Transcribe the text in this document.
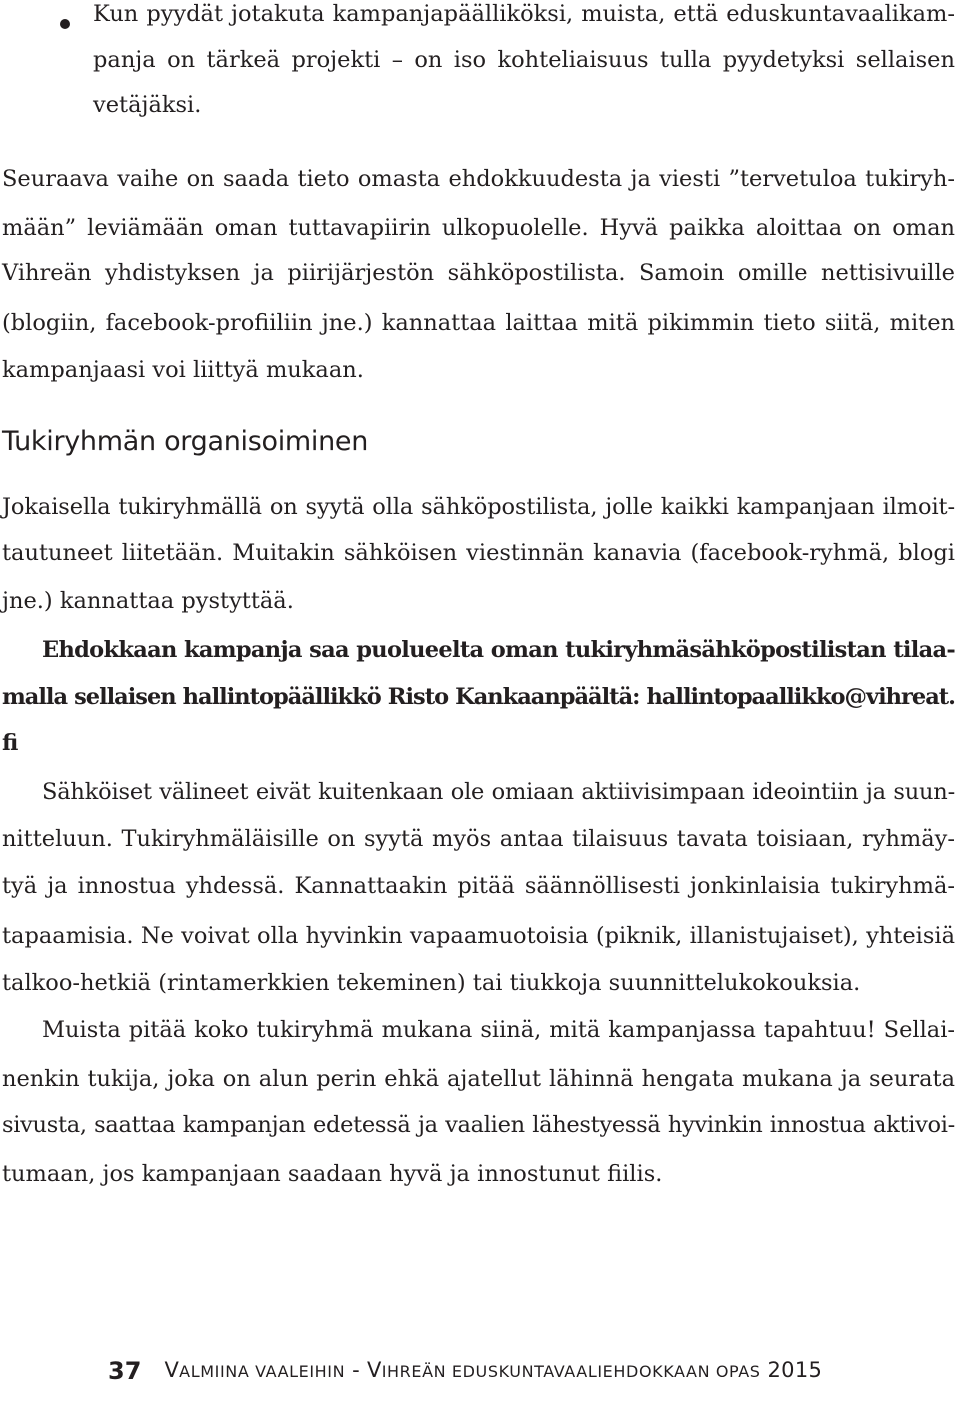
Kun pyydät jotakuta kampanjapäälliköksi, muista, että eduskuntavaalikam-
panja on tärkeä projekti – on iso kohteliaisuus tulla pyydetyksi sellaisen
vetäjäksi.
Seuraava vaihe on saada tieto omasta ehdokkuudesta ja viesti ”tervetuloa tukiryh-
mään” leviämään oman tuttavapiirin ulkopuolelle. Hyvä paikka aloittaa on oman
Vihreän yhdistyksen ja piirijärjestön sähköpostilista. Samoin omille nettisivuille
(blogiin, facebook-profiiliin jne.) kannattaa laittaa mitä pikimmin tieto siitä, miten
kampanjaasi voi liittyä mukaan.
Tukiryhmän organisoiminen
Jokaisella tukiryhmällä on syytä olla sähköpostilista, jolle kaikki kampanjaan ilmoit-
tautuneet liitetään. Muitakin sähköisen viestinnän kanavia (facebook-ryhmä, blogi
jne.) kannattaa pystyttää.
Ehdokkaan kampanja saa puolueelta oman tukiryhmäsähköpostilistan tilaa-
malla sellaisen hallintopäällikkö Risto Kankaanpäältä: hallintopaallikko@vihreat.
fi
Sähköiset välineet eivät kuitenkaan ole omiaan aktiivisimpaan ideointiin ja suun-
nitteluun. Tukiryhmäläisille on syytä myös antaa tilaisuus tavata toisiaan, ryhmäy-
tyä ja innostua yhdessä. Kannattaakin pitää säännöllisesti jonkinlaisia tukiryhmä-
tapaamisia. Ne voivat olla hyvinkin vapaamuotoisia (piknik, illanistujaiset), yhteisiä
talkoo-hetkiä (rintamerkkien tekeminen) tai tiukkoja suunnittelukokouksia.
Muista pitää koko tukiryhmä mukana siinä, mitä kampanjassa tapahtuu! Sellai-
nenkin tukija, joka on alun perin ehkä ajatellut lähinnä hengata mukana ja seurata
sivusta, saattaa kampanjan edetessä ja vaalien lähestyessä hyvinkin innostua aktivoi-
tumaan, jos kampanjaan saadaan hyvä ja innostunut fiilis.
37 VALMIINA VAALEIHIN - VIHREÄN EDUSKUNTAVAALIEHDOKKAAN OPAS 2015
